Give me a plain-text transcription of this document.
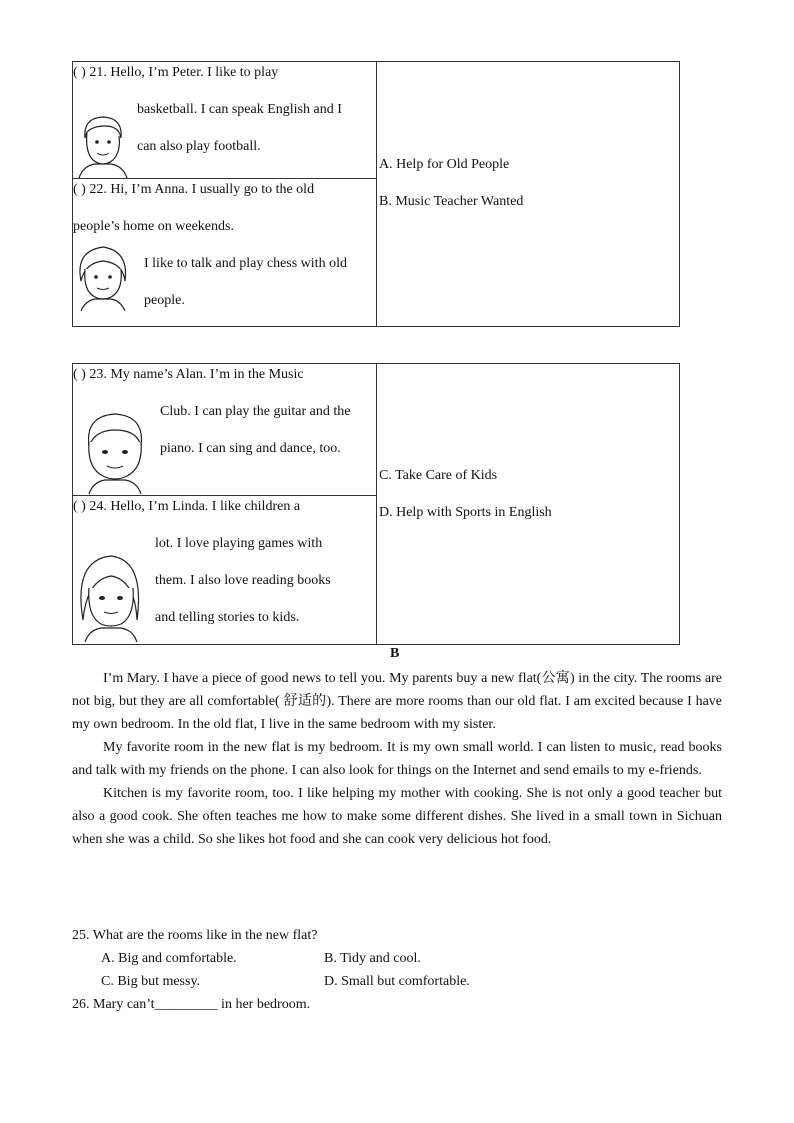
( ) 21. Hello, I’m Peter. I like to play
basketball. I can speak English and I
can also play football.
( ) 22. Hi, I’m Anna. I usually go to the old
people’s home on weekends.
I like to talk and play chess with old
people.
A. Help for Old People
B. Music Teacher Wanted
( ) 23. My name’s Alan. I’m in the Music
Club. I can play the guitar and the
piano. I can sing and dance, too.
( ) 24. Hello, I’m Linda. I like children a
lot. I love playing games with
them. I also love reading books
and telling stories to kids.
C. Take Care of Kids
D. Help with Sports in English
B

I’m Mary. I have a piece of good news to tell you. My parents buy a new flat(公寓) in the city. The rooms are not big, but they are all comfortable( 舒适的). There are more rooms than our old flat. I am excited because I have my own bedroom. In the old flat, I live in the same bedroom with my sister.

My favorite room in the new flat is my bedroom. It is my own small world. I can listen to music, read books and talk with my friends on the phone. I can also look for things on the Internet and send emails to my e-friends.

Kitchen is my favorite room, too. I like helping my mother with cooking. She is not only a good teacher but also a good cook. She often teaches me how to make some different dishes. She lived in a small town in Sichuan when she was a child. So she likes hot food and she can cook very delicious hot food.

25. What are the rooms like in the new flat?
A. Big and comfortable.	B. Tidy and cool.
C. Big but messy.	D. Small but comfortable.
26. Mary can’t_________ in her bedroom.
